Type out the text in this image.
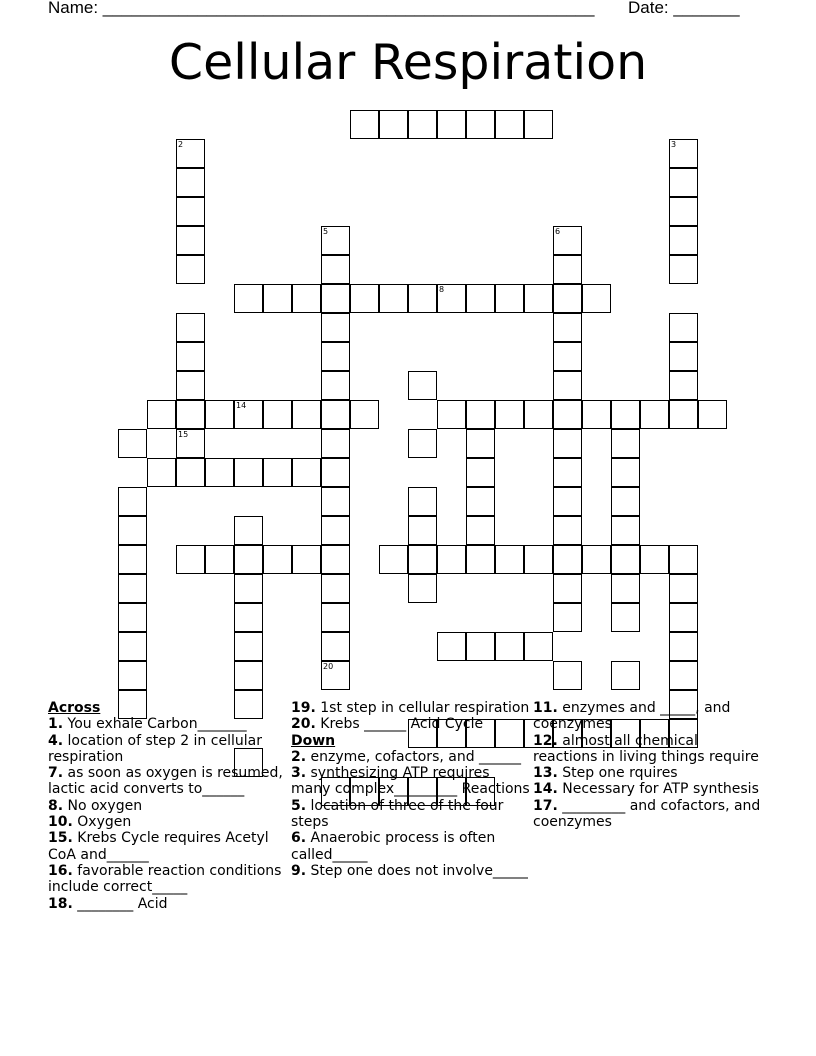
Name: ____________________________________________________ Date: _______
Cellular Respiration
8
14
2
15
3
5
20
6
Across
1. You exhale Carbon_______
4. location of step 2 in cellular respiration
7. as soon as oxygen is resumed, lactic acid converts to______
8. No oxygen
10. Oxygen
15. Krebs Cycle requires Acetyl CoA and______
16. favorable reaction conditions include correct_____
18. ________ Acid
19. 1st step in cellular respiration
20. Krebs ______ Acid Cycle
Down
2. enzyme, cofactors, and ______
3. synthesizing ATP requires many complex_________ Reactions
5. location of three of the four steps
6. Anaerobic process is often called_____
9. Step one does not involve_____
11. enzymes and _____, and coenzymes
12. almost all chemical reactions in living things require
13. Step one rquires
14. Necessary for ATP synthesis
17. _________ and cofactors, and coenzymes
